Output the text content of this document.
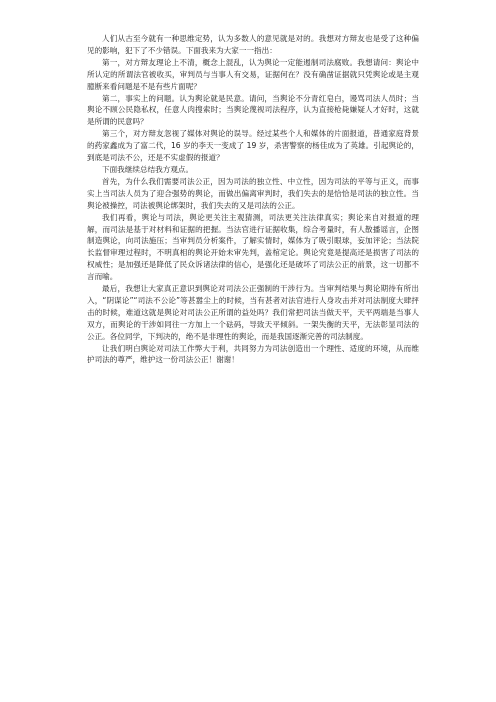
人们从古至今就有一种思维定势，认为多数人的意见就是对的。我想对方辩友也是受了这种偏见的影响，犯下了不少错误。下面我来为大家一一指出：

第一，对方辩友理论上不清，概念上混乱，认为舆论一定能遏制司法腐败。我想请问：舆论中所认定的所谓法官被收买，审判员与当事人有交易，证据何在？没有确凿证据就只凭舆论或是主观臆断来看问题是不是有些片面呢？

第二，事实上的问题。认为舆论就是民意。请问，当舆论不分青红皂白，谩骂司法人员时；当舆论不顾公民隐私权，任意人肉搜索时；当舆论蔑视司法程序，认为直接枪毙嫌疑人才好时，这就是所谓的民意吗？

第三个，对方辩友忽视了媒体对舆论的误导。经过某些个人和媒体的片面报道，普通家庭背景的药家鑫成为了富二代，16 岁的李天一变成了 19 岁，杀害警察的杨佳成为了英雄。引起舆论的，到底是司法不公，还是不实虚假的报道？

下面我继续总结我方观点。

首先，为什么我们需要司法公正，因为司法的独立性、中立性，因为司法的平等与正义，而事实上当司法人员为了迎合强势的舆论，而做出偏离审判时，我们失去的是恰恰是司法的独立性。当舆论被操控，司法被舆论绑架时，我们失去的又是司法的公正。

我们再看，舆论与司法，舆论更关注主观猜测，司法更关注法律真实；舆论来自对报道的理解，而司法是基于对材料和证据的把握。当法官进行证据收集，综合考量时，有人散播谣言，企图制造舆论，向司法施压；当审判员分析案件，了解实情时，媒体为了吸引眼球，妄加评论；当法院长监督审理过程时，不明真相的舆论开始未审先判，盖棺定论。舆论究竟是提高还是损害了司法的权威性；是加强还是降低了民众诉诸法律的信心，是强化还是破坏了司法公正的前景，这一切都不言而喻。

最后，我想让大家真正意识到舆论对司法公正强制的干涉行为。当审判结果与舆论期待有所出入，“阴谋论”“司法不公论”等甚嚣尘上的时候，当有甚者对法官进行人身攻击并对司法制度大肆抨击的时候，难道这就是舆论对司法公正所谓的益处吗？我们常把司法当做天平，天平两端是当事人双方，而舆论的干涉如同往一方加上一个砝码，导致天平倾斜。一架失衡的天平，无法彰显司法的公正。各位同学，下判决的，绝不是非理性的舆论，而是我国逐渐完善的司法制度。

让我们明白舆论对司法工作弊大于利，共同努力为司法创造出一个理性、适度的环境，从而维护司法的尊严，维护这一份司法公正！谢谢！
